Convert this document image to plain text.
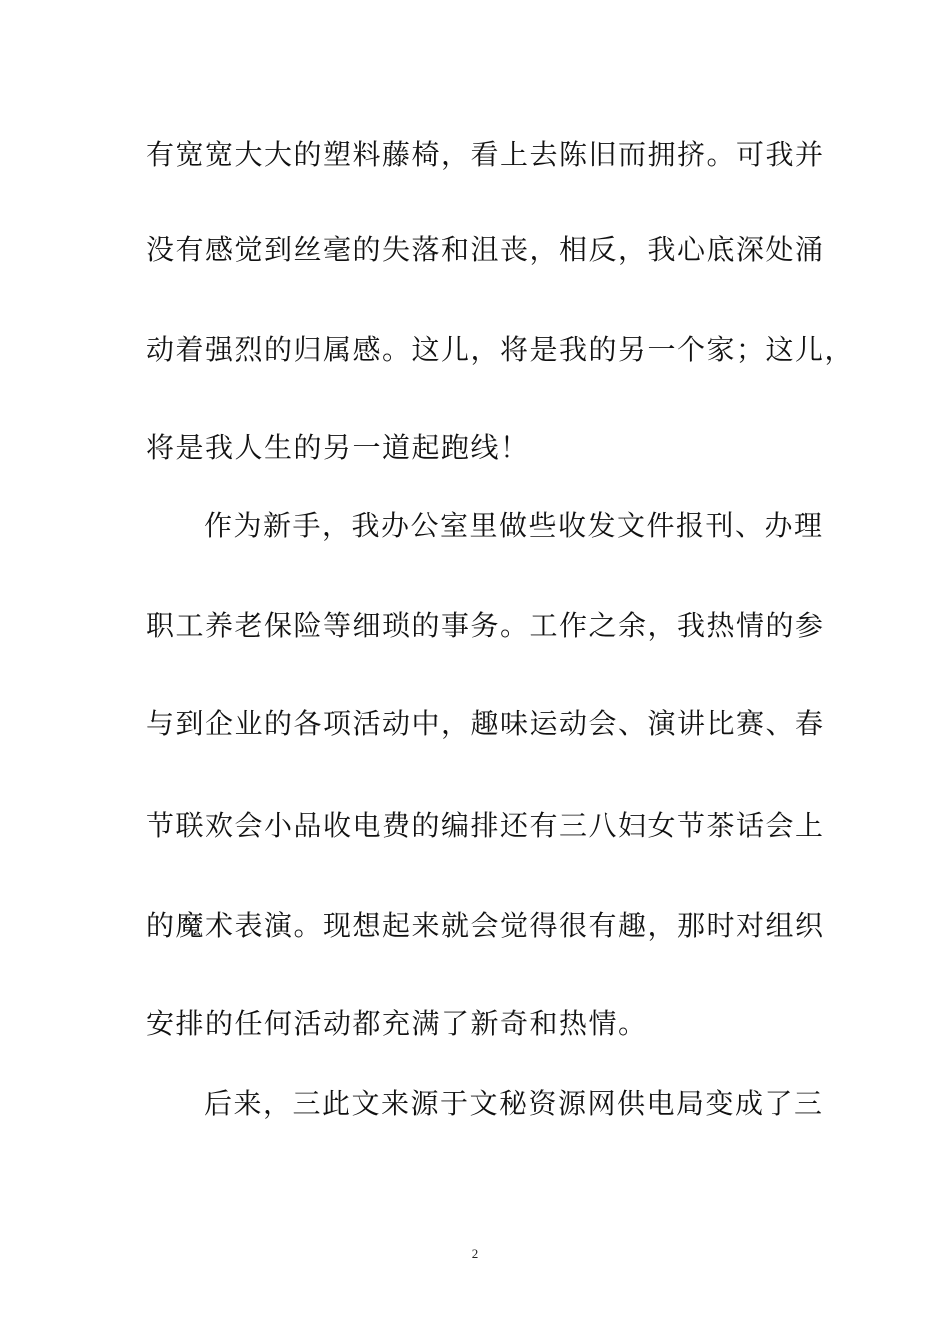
有宽宽大大的塑料藤椅，看上去陈旧而拥挤。可我并
没有感觉到丝毫的失落和沮丧，相反，我心底深处涌
动着强烈的归属感。这儿，将是我的另一个家；这儿，
将是我人生的另一道起跑线！
作为新手，我办公室里做些收发文件报刊、办理
职工养老保险等细琐的事务。工作之余，我热情的参
与到企业的各项活动中，趣味运动会、演讲比赛、春
节联欢会小品收电费的编排还有三八妇女节茶话会上
的魔术表演。现想起来就会觉得很有趣，那时对组织
安排的任何活动都充满了新奇和热情。
后来，三此文来源于文秘资源网供电局变成了三
2
